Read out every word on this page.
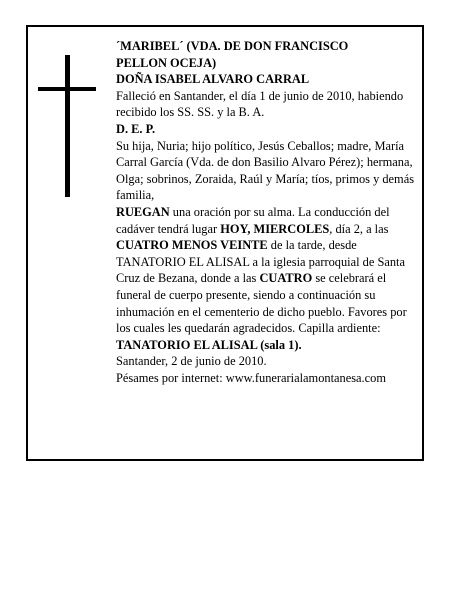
´MARIBEL´ (VDA. DE DON FRANCISCO

PELLON OCEJA)

DOÑA ISABEL ALVARO CARRAL

Falleció en Santander, el día 1 de junio de 2010, habiendo recibido los SS. SS. y la B. A.

D. E. P.

Su hija, Nuria; hijo político, Jesús Ceballos; madre, María Carral García (Vda. de don Basilio Alvaro Pérez); hermana, Olga; sobrinos, Zoraida, Raúl y María; tíos, primos y demás familia,

RUEGAN una oración por su alma. La conducción del cadáver tendrá lugar HOY, MIERCOLES, día 2, a las CUATRO MENOS VEINTE de la tarde, desde TANATORIO EL ALISAL a la iglesia parroquial de Santa Cruz de Bezana, donde a las CUATRO se celebrará el funeral de cuerpo presente, siendo a continuación su inhumación en el cementerio de dicho pueblo. Favores por los cuales les quedarán agradecidos. Capilla ardiente: TANATORIO EL ALISAL (sala 1).

Santander, 2 de junio de 2010.

Pésames por internet: www.funerarialamontanesa.com
